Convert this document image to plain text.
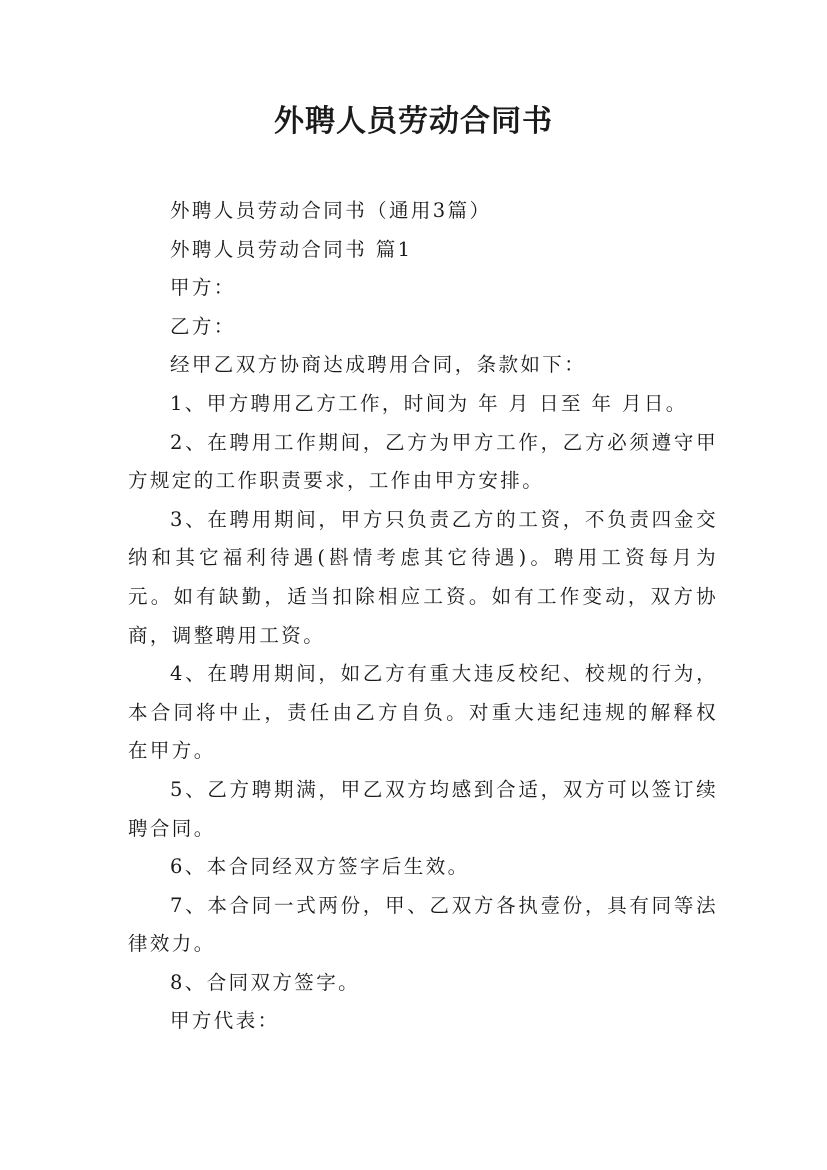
外聘人员劳动合同书

外聘人员劳动合同书（通用3篇）

外聘人员劳动合同书 篇1

甲方：

乙方：

经甲乙双方协商达成聘用合同，条款如下：

1、甲方聘用乙方工作，时间为 年 月 日至 年 月日。

2、在聘用工作期间，乙方为甲方工作，乙方必须遵守甲方规定的工作职责要求，工作由甲方安排。

3、在聘用期间，甲方只负责乙方的工资，不负责四金交纳和其它福利待遇(斟情考虑其它待遇)。聘用工资每月为 元。如有缺勤，适当扣除相应工资。如有工作变动，双方协商，调整聘用工资。

4、在聘用期间，如乙方有重大违反校纪、校规的行为，本合同将中止，责任由乙方自负。对重大违纪违规的解释权在甲方。

5、乙方聘期满，甲乙双方均感到合适，双方可以签订续聘合同。

6、本合同经双方签字后生效。

7、本合同一式两份，甲、乙双方各执壹份，具有同等法律效力。

8、合同双方签字。

甲方代表：
